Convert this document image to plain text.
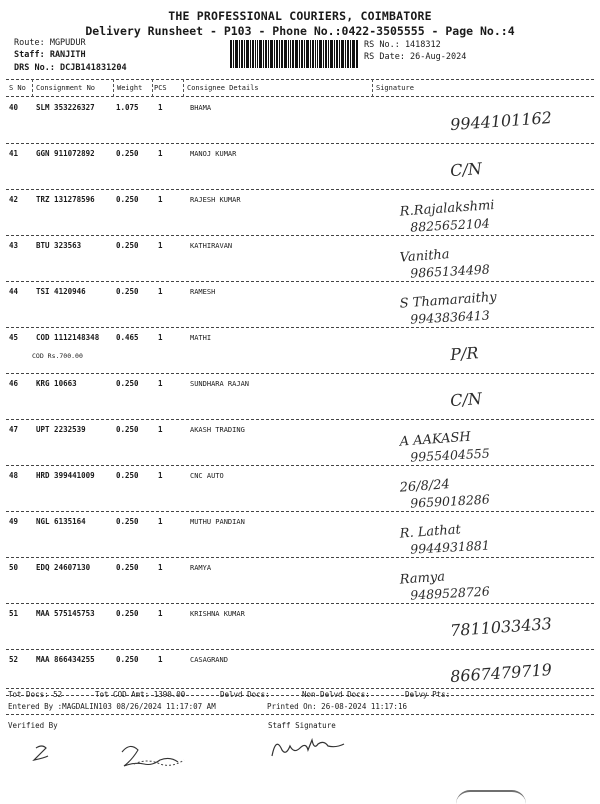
THE PROFESSIONAL COURIERS, COIMBATORE
Delivery Runsheet - P103 - Phone No.:0422-3505555 - Page No.:4
Route: MGPUDUR
Staff: RANJITH
DRS No.: DCJB141831204
RS No.: 1418312
RS Date: 26-Aug-2024
S No Consignment No	Weight PCS	Consignee Details	Signature
40 SLM 353226327	1.075	1	BHAMA
9944101162
41 GGN 911072892	0.250	1	MANOJ KUMAR
C/N
42 TRZ 131278596	0.250	1	RAJESH KUMAR	R.Rajalakshmi
8825652104
43 BTU 323563	0.250	1	KATHIRAVAN
Vanitha
9865134498
44 TSI 4120946	0.250	1	RAMESH	S Thamaraithy
9943836413
45 COD 1112148348 0.465	1	MATHI
COD Rs.700.00	P/R
46 KRG 10663	0.250	1	SUNDHARA RAJAN
C/N
47 UPT 2232539	0.250	1	AKASH TRADING	A AAKASH
9955404555
48 HRD 399441009	0.250	1	CNC AUTO
26/8/24
9659018286
49 NGL 6135164	0.250	1	MUTHU PANDIAN
R. Lathat
9944931881
50 EDQ 24607130	0.250	1	RAMYA
Ramya
9489528726
51 MAA 575145753	0.250	1	KRISHNA KUMAR
7811033433
52 MAA 866434255	0.250	1	CASAGRAND
8667479719
Tot Docs: 52	Tot COD Amt: 1390.00	Delvd Docs:	Non Delvd Docs:	Delvy Pts:
Entered By :MAGDALIN103 08/26/2024 11:17:07 AM	Printed On: 26-08-2024 11:17:16
Verified By	Staff Signature
